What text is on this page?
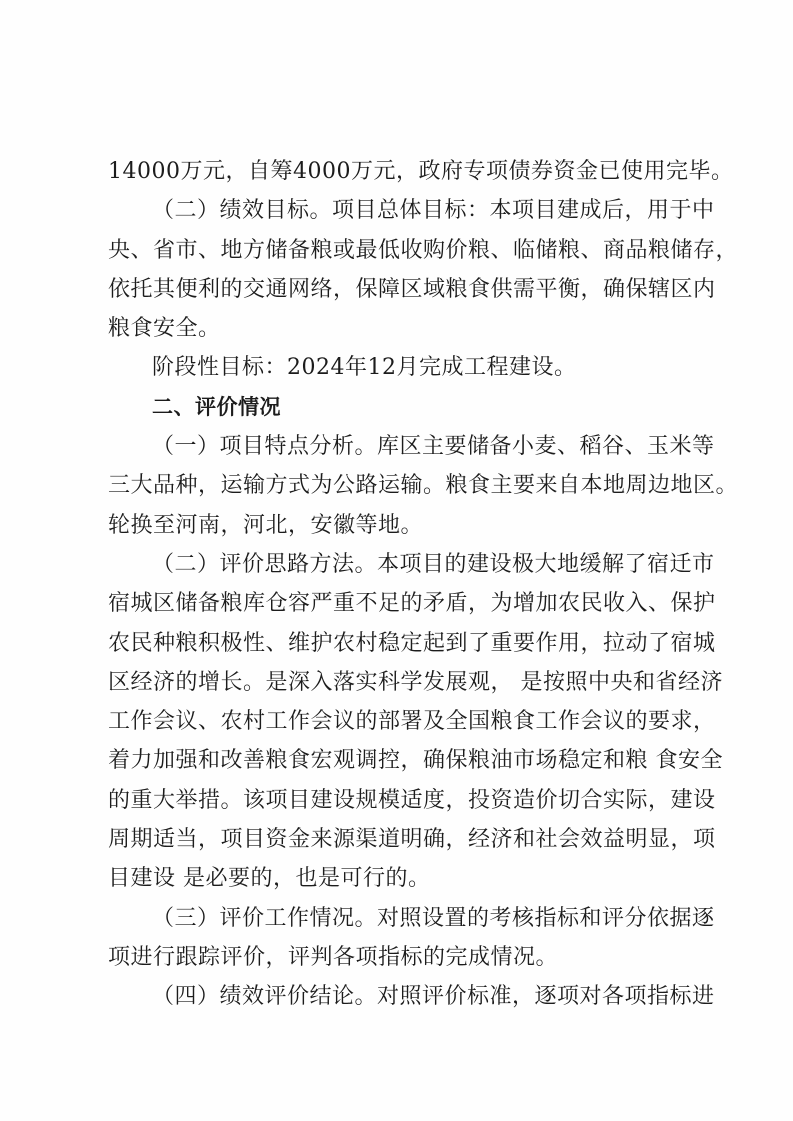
14000万元，自筹4000万元，政府专项债券资金已使用完毕。
（二）绩效目标。项目总体目标：本项目建成后，用于中
央、省市、地方储备粮或最低收购价粮、临储粮、商品粮储存，
依托其便利的交通网络，保障区域粮食供需平衡，确保辖区内
粮食安全。
阶段性目标：2024年12月完成工程建设。
二、评价情况
（一）项目特点分析。库区主要储备小麦、稻谷、玉米等
三大品种，运输方式为公路运输。粮食主要来自本地周边地区。
轮换至河南，河北，安徽等地。
（二）评价思路方法。本项目的建设极大地缓解了宿迁市
宿城区储备粮库仓容严重不足的矛盾，为增加农民收入、保护
农民种粮积极性、维护农村稳定起到了重要作用，拉动了宿城
区经济的增长。是深入落实科学发展观， 是按照中央和省经济
工作会议、农村工作会议的部署及全国粮食工作会议的要求，
着力加强和改善粮食宏观调控，确保粮油市场稳定和粮 食安全
的重大举措。该项目建设规模适度，投资造价切合实际，建设
周期适当，项目资金来源渠道明确，经济和社会效益明显，项
目建设 是必要的，也是可行的。
（三）评价工作情况。对照设置的考核指标和评分依据逐
项进行跟踪评价，评判各项指标的完成情况。
（四）绩效评价结论。对照评价标准，逐项对各项指标进
